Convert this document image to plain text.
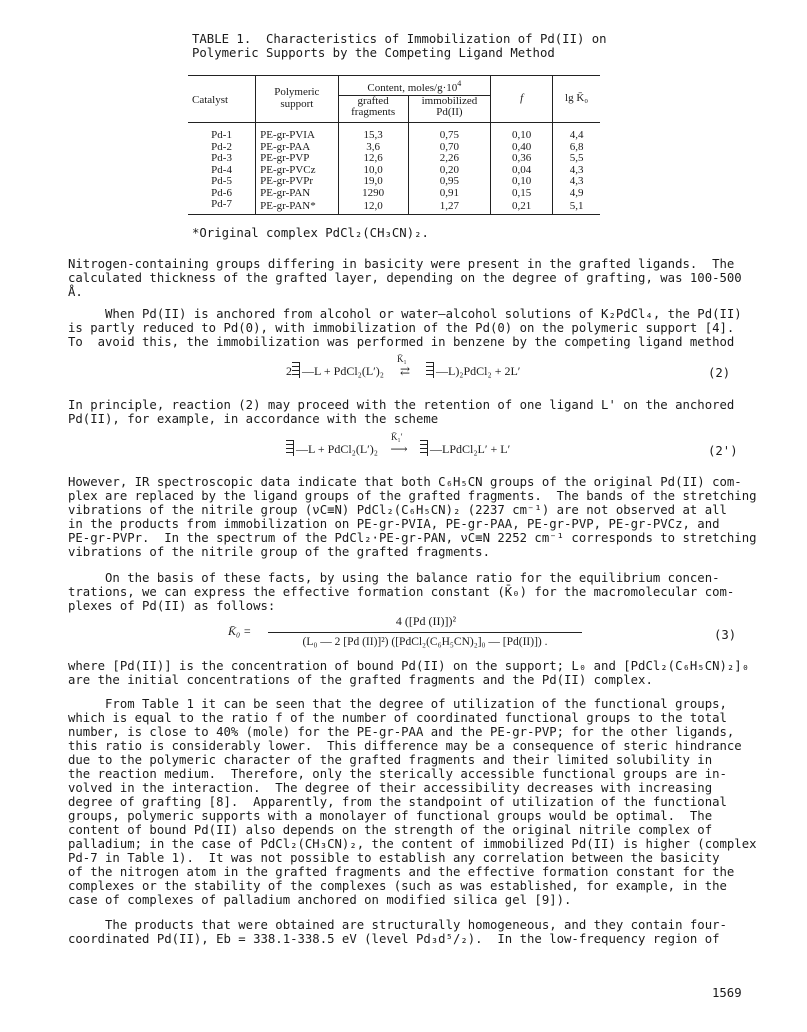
TABLE 1.  Characteristics of Immobilization of Pd(II) on
Polymeric Supports by the Competing Ligand Method
Catalyst	Polymeric support	Content, moles/$g\cdot 10^4$		f	lg K̄₀
		grafted fragments	immobilized Pd(II)		

Pd-1	PE-gr-PVIA	15,3	0,75	0,10	4,4
Pd-2	PE-gr-PAA	3,6	0,70	0,40	6,8
Pd-3	PE-gr-PVP	12,6	2,26	0,36	5,5
Pd-4	PE-gr-PVCz	10,0	0,20	0,04	4,3
Pd-5	PE-gr-PVPr	19,0	0,95	0,10	4,3
Pd-6	PE-gr-PAN	1290	0,91	0,15	4,9
Pd-7	PE-gr-PAN*	12,0	1,27	0,21	5,1
*Original complex PdCl₂(CH₃CN)₂.
Nitrogen-containing groups differing in basicity were present in the grafted ligands.  The
calculated thickness of the grafted layer, depending on the degree of grafting, was 100-500
Å.
When Pd(II) is anchored from alcohol or water—alcohol solutions of K₂PdCl₄, the Pd(II)
is partly reduced to Pd(0), with immobilization of the Pd(0) on the polymeric support [4].
To  avoid this, the immobilization was performed in benzene by the competing ligand method
2 —L + PdCl₂(L′)₂
K̄₁
⇄ —L)₂PdCl₂ + 2L′	(2)
In principle, reaction (2) may proceed with the retention of one ligand L' on the anchored
Pd(II), for example, in accordance with the scheme
—L + PdCl₂(L′)₂
K̄₁′
⟶ —LPdCl₂L′ + L′	(2')
However, IR spectroscopic data indicate that both C₆H₅CN groups of the original Pd(II) com-
plex are replaced by the ligand groups of the grafted fragments.  The bands of the stretching
vibrations of the nitrile group (νC≡N) PdCl₂(C₆H₅CN)₂ (2237 cm⁻¹) are not observed at all
in the products from immobilization on PE-gr-PVIA, PE-gr-PAA, PE-gr-PVP, PE-gr-PVCz, and
PE-gr-PVPr.  In the spectrum of the PdCl₂·PE-gr-PAN, νC≡N 2252 cm⁻¹ corresponds to stretching
vibrations of the nitrile group of the grafted fragments.
On the basis of these facts, by using the balance ratio for the equilibrium concen-
trations, we can express the effective formation constant (K̄₀) for the macromolecular com-
plexes of Pd(II) as follows:
K̄₀ =
4 ([Pd (II)])²
(L₀ — 2 [Pd (II)]²) ([PdCl₂(C₆H₅CN)₂]₀ — [Pd(II)]) .	(3)
where [Pd(II)] is the concentration of bound Pd(II) on the support; L₀ and [PdCl₂(C₆H₅CN)₂]₀
are the initial concentrations of the grafted fragments and the Pd(II) complex.
From Table 1 it can be seen that the degree of utilization of the functional groups,
which is equal to the ratio f of the number of coordinated functional groups to the total
number, is close to 40% (mole) for the PE-gr-PAA and the PE-gr-PVP; for the other ligands,
this ratio is considerably lower.  This difference may be a consequence of steric hindrance
due to the polymeric character of the grafted fragments and their limited solubility in
the reaction medium.  Therefore, only the sterically accessible functional groups are in-
volved in the interaction.  The degree of their accessibility decreases with increasing
degree of grafting [8].  Apparently, from the standpoint of utilization of the functional
groups, polymeric supports with a monolayer of functional groups would be optimal.  The
content of bound Pd(II) also depends on the strength of the original nitrile complex of
palladium; in the case of PdCl₂(CH₃CN)₂, the content of immobilized Pd(II) is higher (complex
Pd-7 in Table 1).  It was not possible to establish any correlation between the basicity
of the nitrogen atom in the grafted fragments and the effective formation constant for the
complexes or the stability of the complexes (such as was established, for example, in the
case of complexes of palladium anchored on modified silica gel [9]).
The products that were obtained are structurally homogeneous, and they contain four-
coordinated Pd(II), Eb = 338.1-338.5 eV (level Pd₃d⁵/₂).  In the low-frequency region of
1569
